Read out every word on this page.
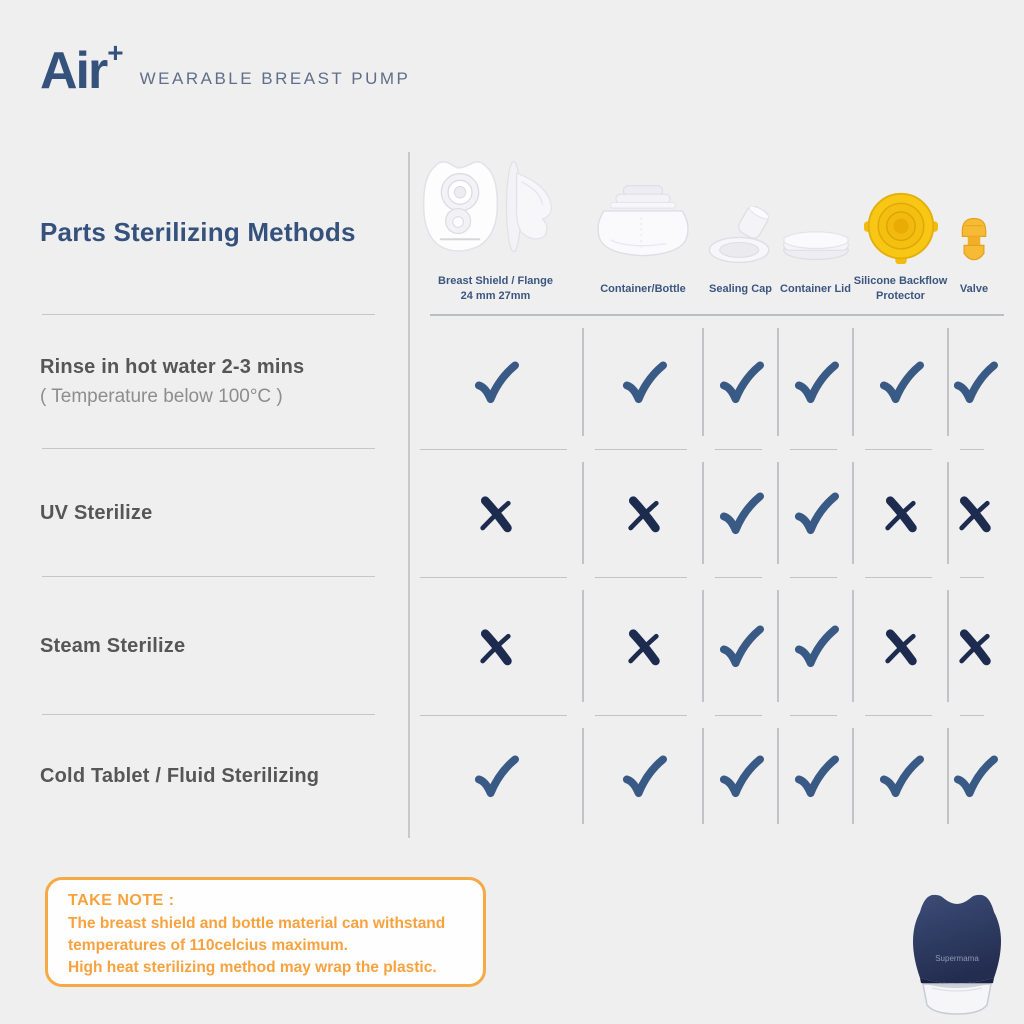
Air+
WEARABLE BREAST PUMP
Parts Sterilizing Methods
Breast Shield / Flange
24 mm 27mm
Container/Bottle Sealing Cap Container Lid
Silicone Backflow Protector
Valve
Rinse in hot water 2-3 mins
( Temperature below 100°C )
UV Sterilize
Steam Sterilize
Cold Tablet / Fluid Sterilizing
TAKE NOTE :
The breast shield and bottle material can withstand
temperatures of 110celcius maximum.
High heat sterilizing method may wrap the plastic.
Supermama
